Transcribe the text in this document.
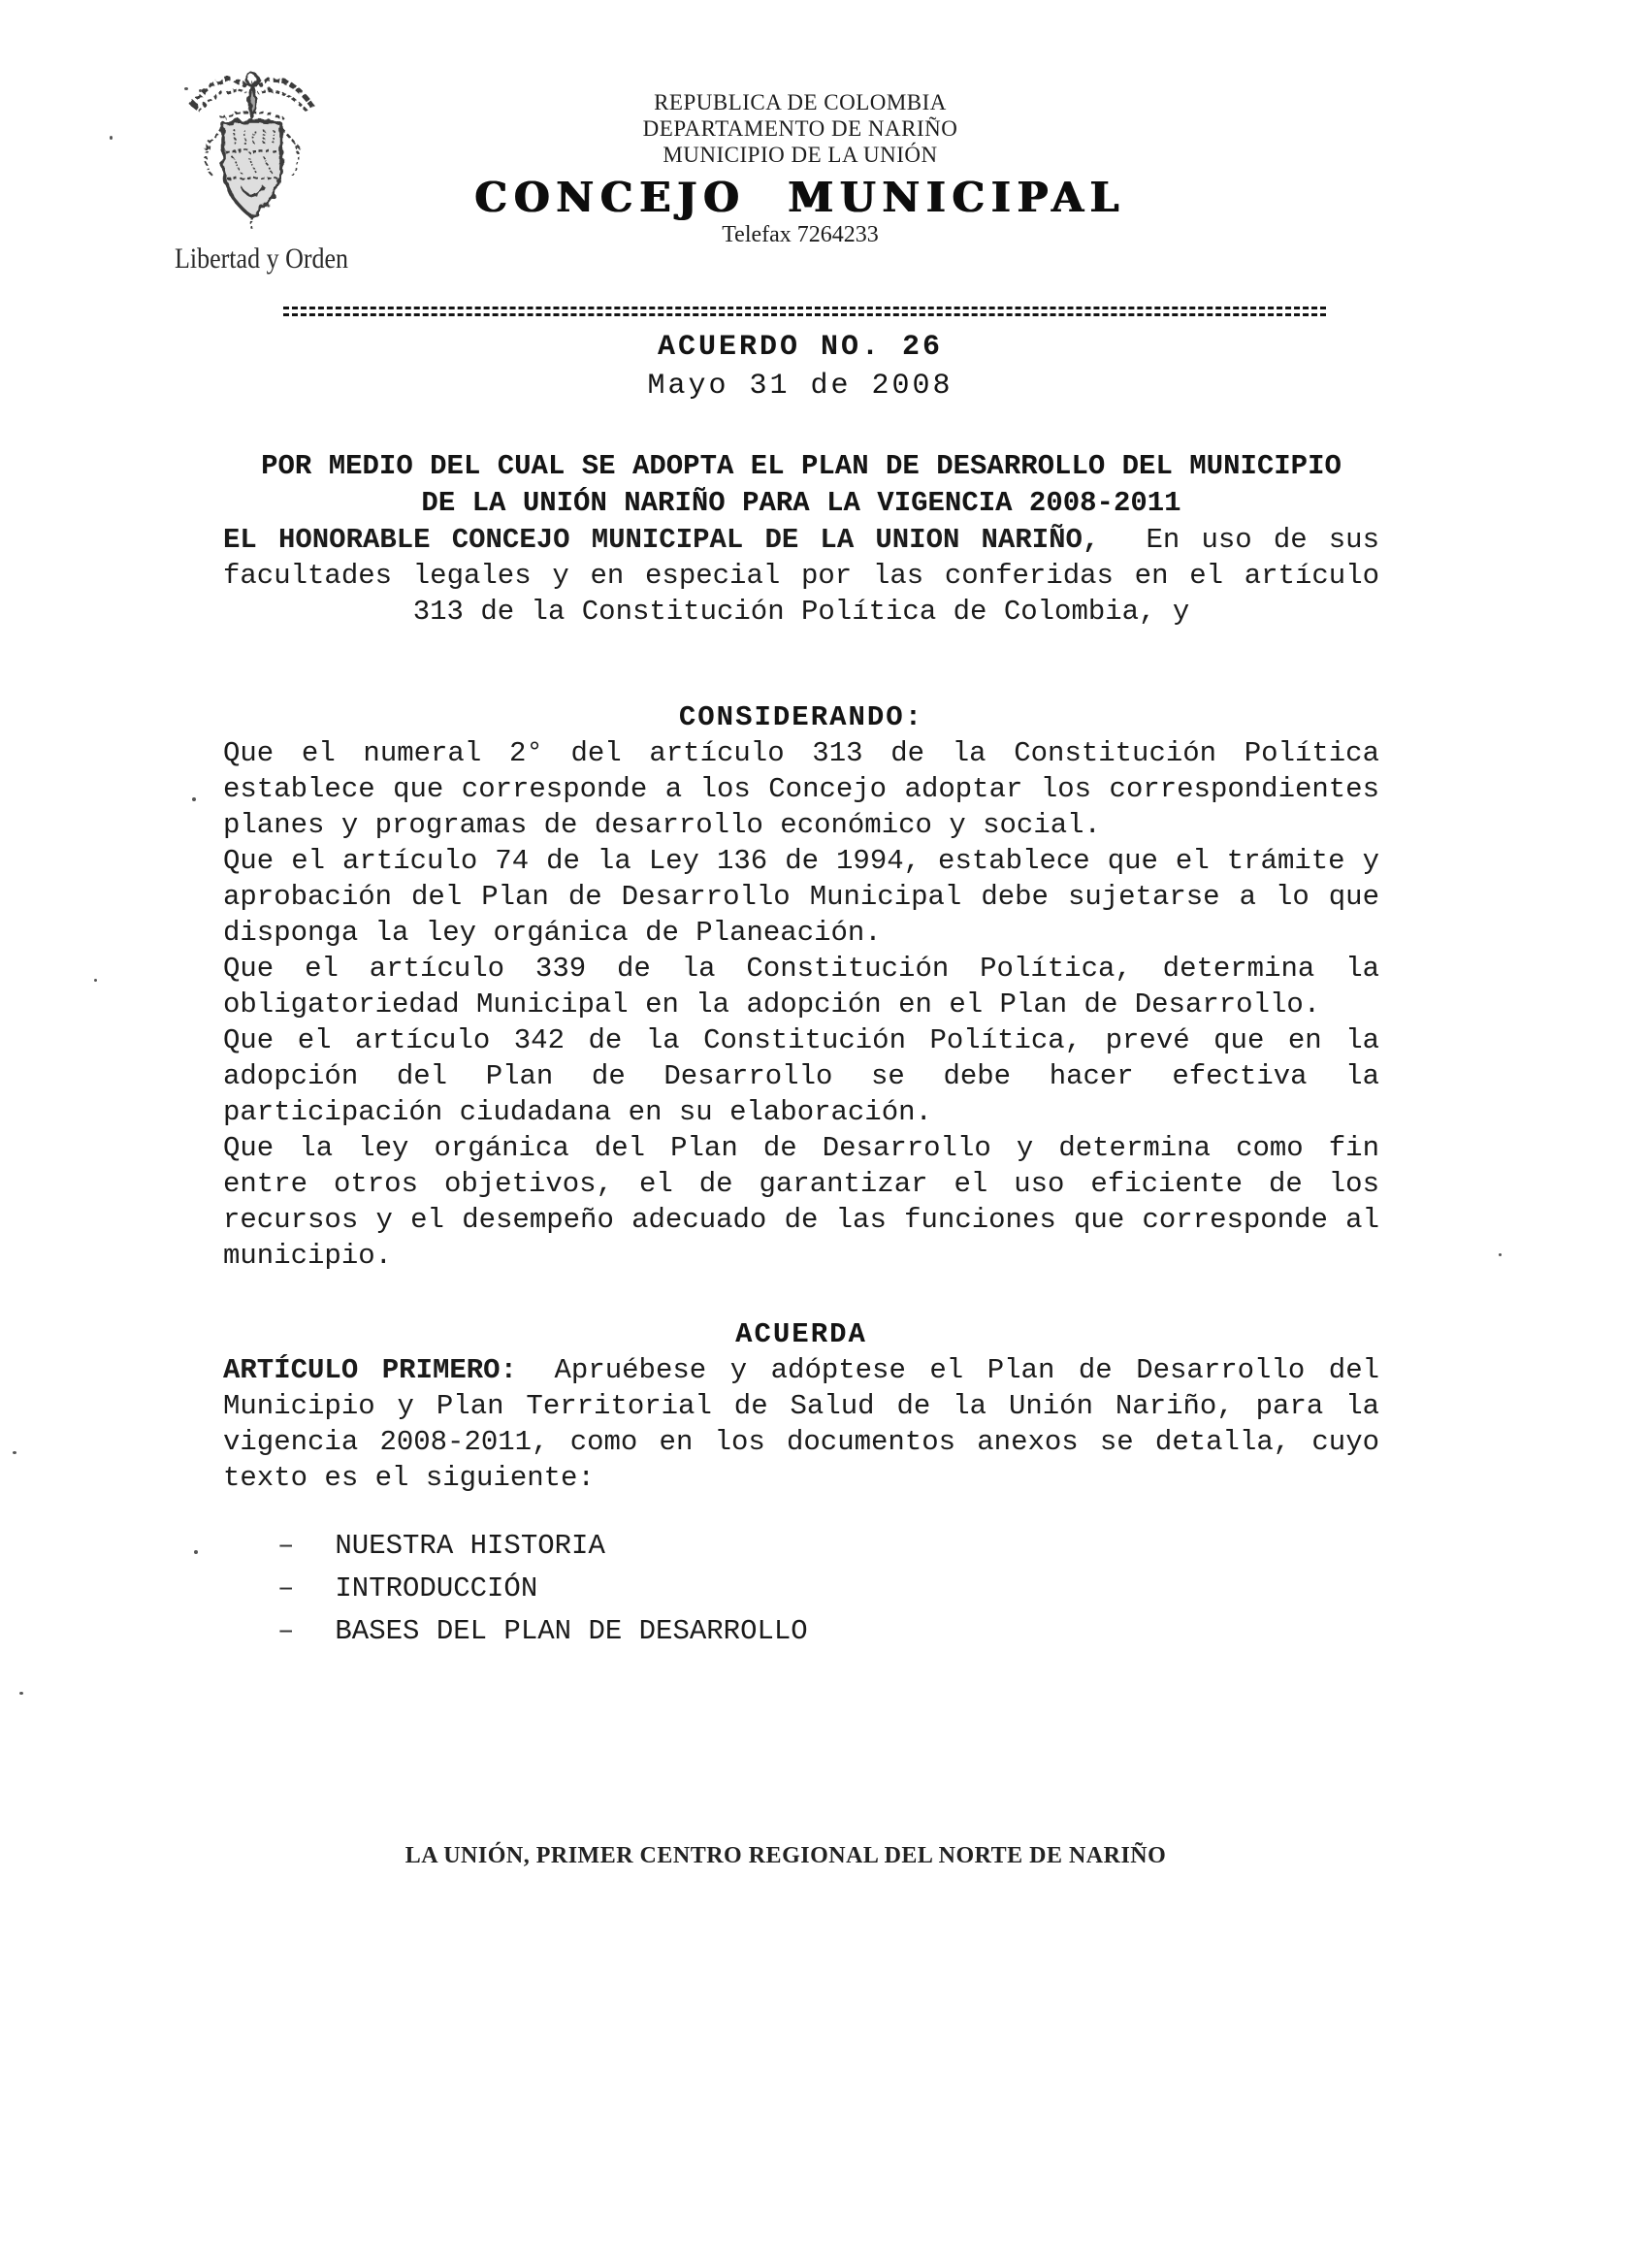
Libertad y Orden
REPUBLICA DE COLOMBIA
DEPARTAMENTO DE NARIÑO
MUNICIPIO DE LA UNIÓN
CONCEJO MUNICIPAL
Telefax 7264233
ACUERDO NO. 26
Mayo 31 de 2008
POR MEDIO DEL CUAL SE ADOPTA EL PLAN DE DESARROLLO DEL MUNICIPIO DE LA UNIÓN NARIÑO PARA LA VIGENCIA 2008-2011

EL HONORABLE CONCEJO MUNICIPAL DE LA UNION NARIÑO, En uso de sus facultades legales y en especial por las conferidas en el artículo 313 de la Constitución Política de Colombia, y

CONSIDERANDO:

Que el numeral 2° del artículo 313 de la Constitución Política establece que corresponde a los Concejo adoptar los correspondientes planes y programas de desarrollo económico y social.

Que el artículo 74 de la Ley 136 de 1994, establece que el trámite y aprobación del Plan de Desarrollo Municipal debe sujetarse a lo que disponga la ley orgánica de Planeación.

Que el artículo 339 de la Constitución Política, determina la obligatoriedad Municipal en la adopción en el Plan de Desarrollo.

Que el artículo 342 de la Constitución Política, prevé que en la adopción del Plan de Desarrollo se debe hacer efectiva la participación ciudadana en su elaboración.

Que la ley orgánica del Plan de Desarrollo y determina como fin entre otros objetivos, el de garantizar el uso eficiente de los recursos y el desempeño adecuado de las funciones que corresponde al municipio.

ACUERDA

ARTÍCULO PRIMERO: Apruébese y adóptese el Plan de Desarrollo del Municipio y Plan Territorial de Salud de la Unión Nariño, para la vigencia 2008-2011, como en los documentos anexos se detalla, cuyo texto es el siguiente:

– NUESTRA HISTORIA
– INTRODUCCIÓN
– BASES DEL PLAN DE DESARROLLO
LA UNIÓN, PRIMER CENTRO REGIONAL DEL NORTE DE NARIÑO
